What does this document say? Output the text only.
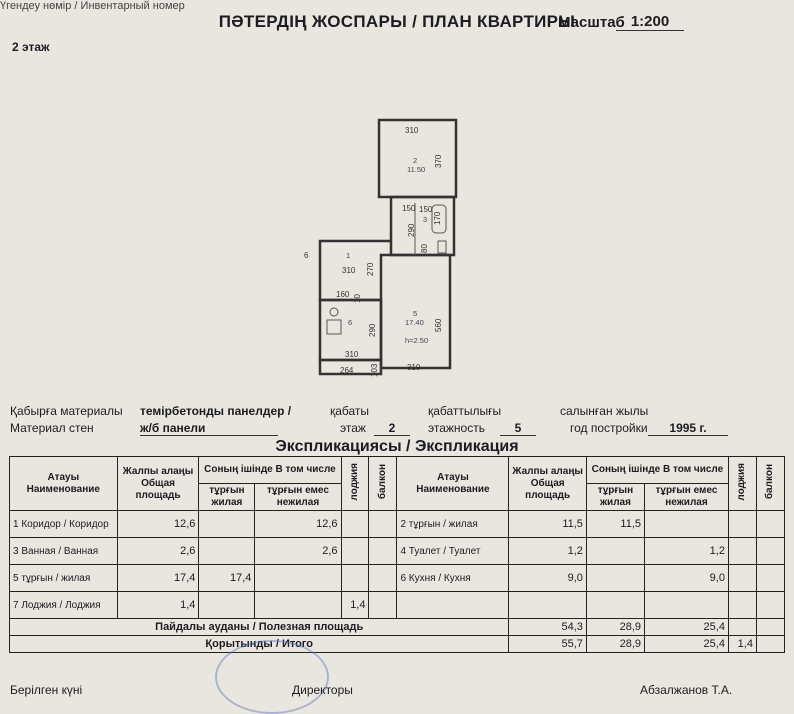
Үгендеу нөмір / Инвентарный номер
ПӘТЕРДІҢ ЖОСПАРЫ / ПЛАН КВАРТИРЫ
Масштаб 1:200
2 этаж
310
370
150 150
170
290
80
310 270
160 10
290	560
310
264 103	310
6
2
11.50
3
1
5
17.40
6
h=2.50
Қабырға материалы
Материал стен
темірбетонды панелдер /
ж/б панели
қабаты
этаж	2
қабаттылығы
этажность	5
салынған жылы
год постройки	1995 г.
Экспликациясы / Экспликация
Атауы Наименование	Жалпы алаңы Общая площадь	Соның ішінде В том числе		лоджия	балкон	Атауы Наименование	Жалпы алаңы Общая площадь	Соның ішінде В том числе		лоджия	балкон
		тұрғын жилая	тұрғын емес нежилая					тұрғын жилая	тұрғын емес нежилая		
1 Коридор / Коридор	12,6		12,6			2 тұрғын / жилая	11,5	11,5			
3 Ванная / Ванная	2,6		2,6			4 Туалет / Туалет	1,2		1,2		
5 тұрғын / жилая	17,4	17,4				6 Кухня / Кухня	9,0		9,0		
7 Лоджия / Лоджия	1,4			1,4							
Пайдалы ауданы / Полезная площадь							54,3	28,9	25,4		
Қорытынды / Итого							55,7	28,9	25,4	1,4	
Берілген күні	Директоры	Абзалжанов Т.А.
